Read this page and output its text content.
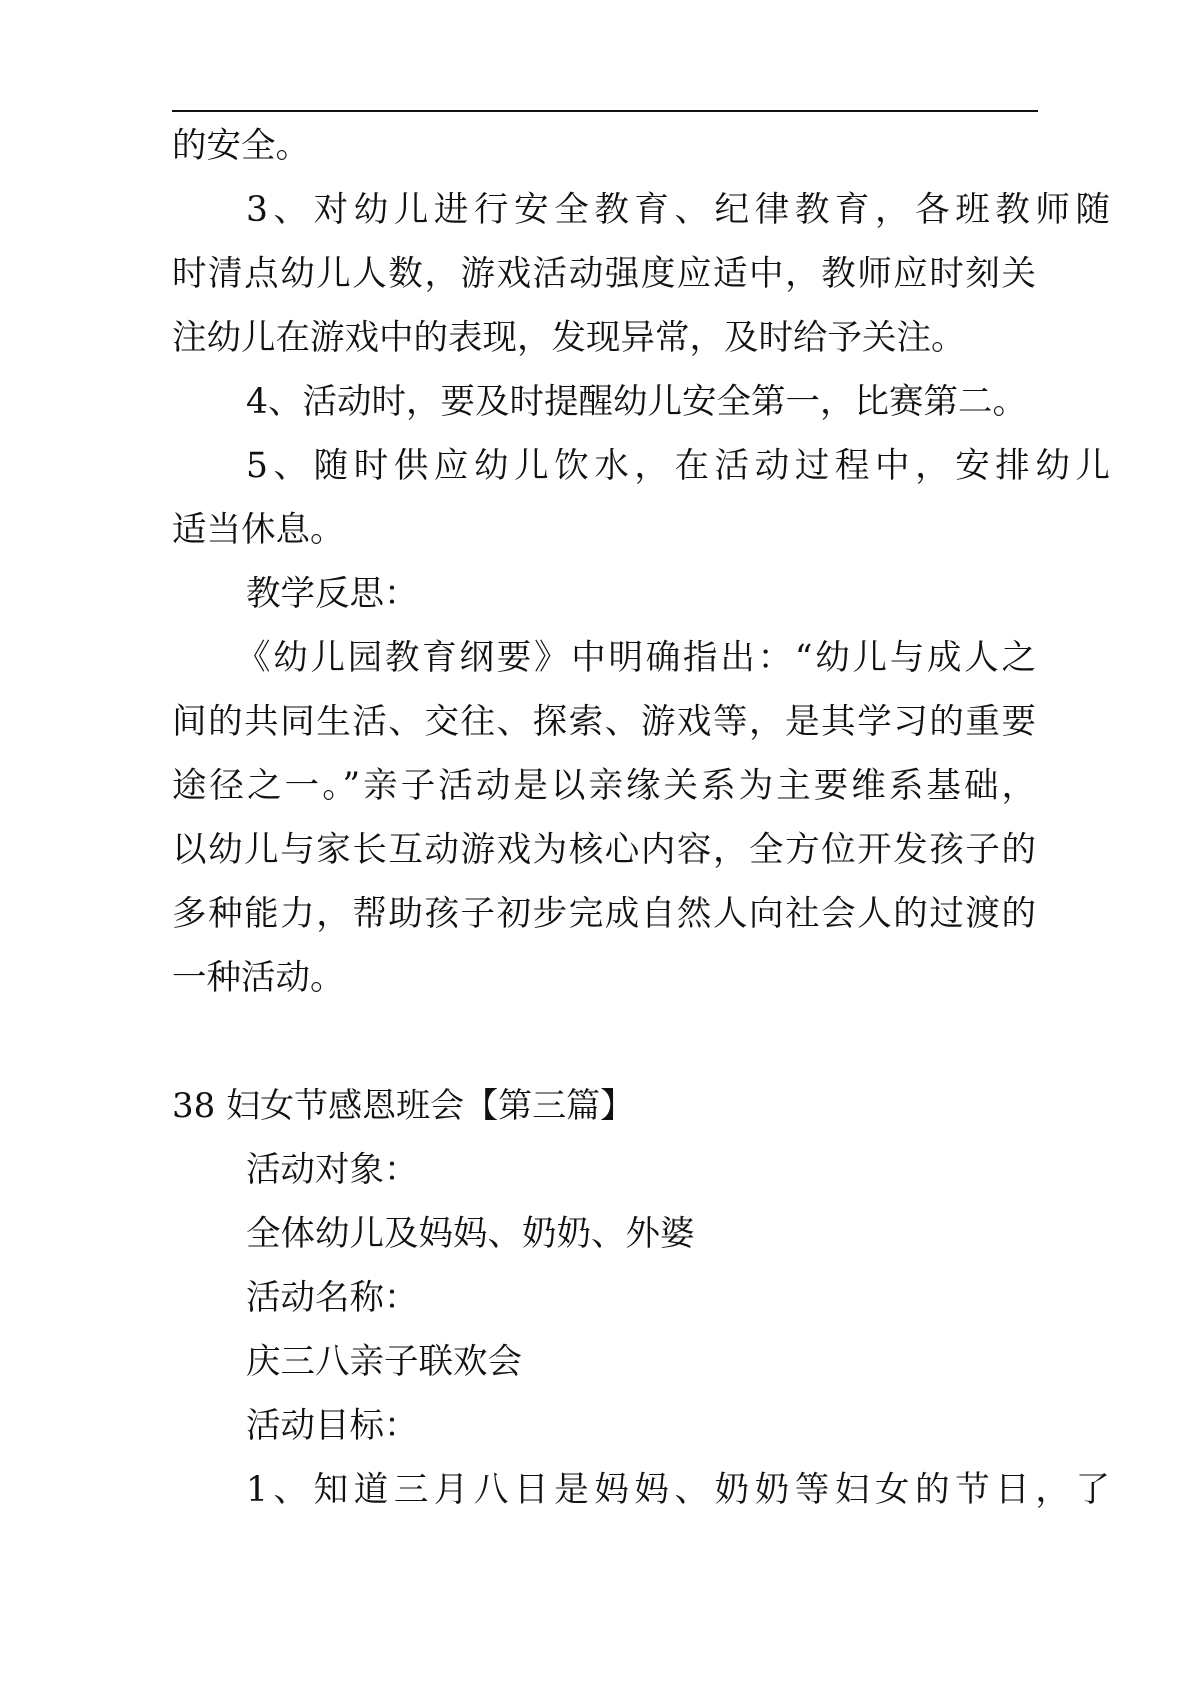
的安全。
3、对幼儿进行安全教育、纪律教育，各班教师随
时清点幼儿人数，游戏活动强度应适中，教师应时刻关
注幼儿在游戏中的表现，发现异常，及时给予关注。
4、活动时，要及时提醒幼儿安全第一，比赛第二。
5、随时供应幼儿饮水，在活动过程中，安排幼儿
适当休息。
教学反思：
《幼儿园教育纲要》中明确指出：“幼儿与成人之
间的共同生活、交往、探索、游戏等，是其学习的重要
途径之一。”亲子活动是以亲缘关系为主要维系基础，
以幼儿与家长互动游戏为核心内容，全方位开发孩子的
多种能力，帮助孩子初步完成自然人向社会人的过渡的
一种活动。
38 妇女节感恩班会【第三篇】
活动对象：
全体幼儿及妈妈、奶奶、外婆
活动名称：
庆三八亲子联欢会
活动目标：
1、知道三月八日是妈妈、奶奶等妇女的节日，了
